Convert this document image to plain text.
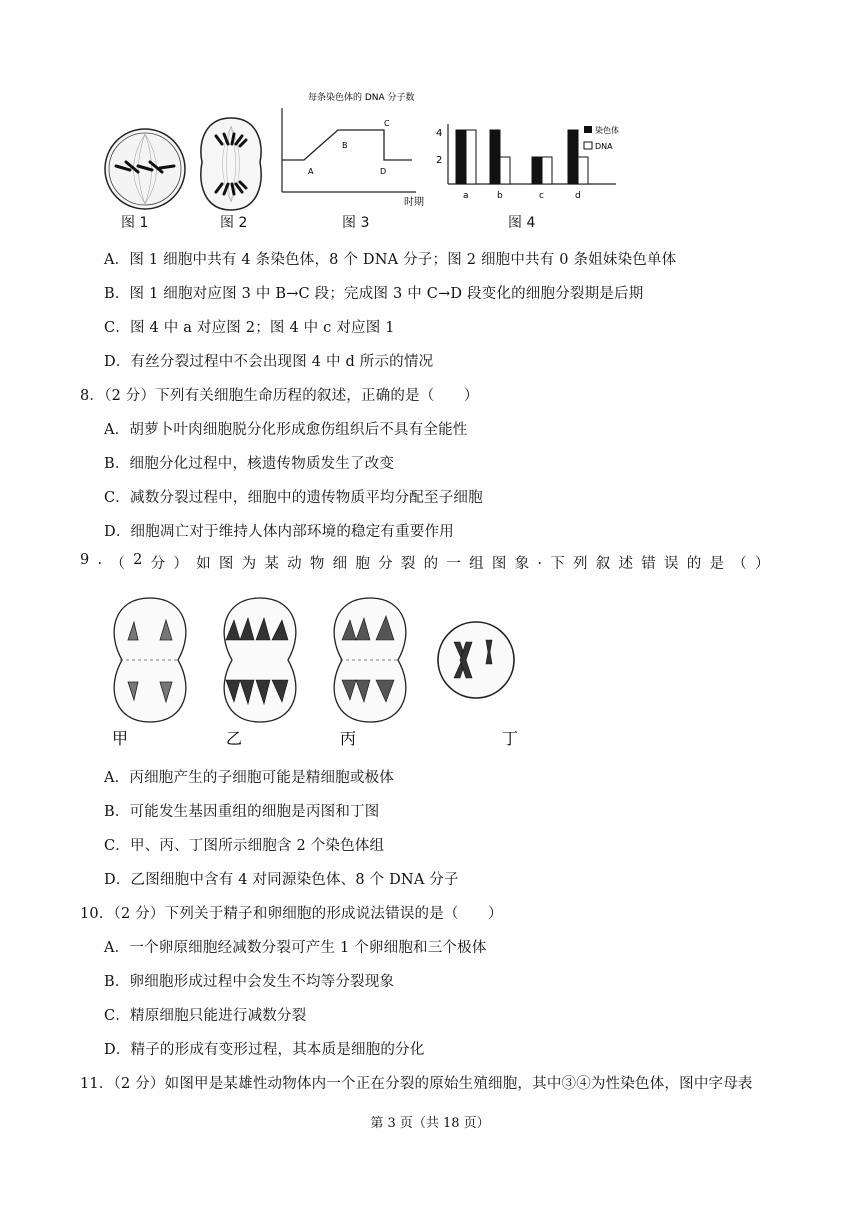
每条染色体的 DNA 分子数
A
B
C
D
时期
4
2
a	b	c	d
染色体
DNA
图 1	图 2	图 3	图 4
A．图 1 细胞中共有 4 条染色体，8 个 DNA 分子；图 2 细胞中共有 0 条姐妹染色单体
B．图 1 细胞对应图 3 中 B→C 段；完成图 3 中 C→D 段变化的细胞分裂期是后期
C．图 4 中 a 对应图 2；图 4 中 c 对应图 1
D．有丝分裂过程中不会出现图 4 中 d 所示的情况
8．（2 分）下列有关细胞生命历程的叙述，正确的是（　　）
A．胡萝卜叶肉细胞脱分化形成愈伤组织后不具有全能性
B．细胞分化过程中，核遗传物质发生了改变
C．减数分裂过程中，细胞中的遗传物质平均分配至子细胞
D．细胞凋亡对于维持人体内部环境的稳定有重要作用
9 . （ 2 分 ） 如 图 为 某 动 物 细 胞 分 裂 的 一 组 图 象 . 下 列 叙 述 错 误 的 是 （ ）
甲	乙	丙	丁
A．丙细胞产生的子细胞可能是精细胞或极体
B．可能发生基因重组的细胞是丙图和丁图
C．甲、丙、丁图所示细胞含 2 个染色体组
D．乙图细胞中含有 4 对同源染色体、8 个 DNA 分子
10．（2 分）下列关于精子和卵细胞的形成说法错误的是（　　）
A．一个卵原细胞经减数分裂可产生 1 个卵细胞和三个极体
B．卵细胞形成过程中会发生不均等分裂现象
C．精原细胞只能进行减数分裂
D．精子的形成有变形过程，其本质是细胞的分化
11．（2 分）如图甲是某雄性动物体内一个正在分裂的原始生殖细胞，其中③④为性染色体，图中字母表
第 3 页（共 18 页）
